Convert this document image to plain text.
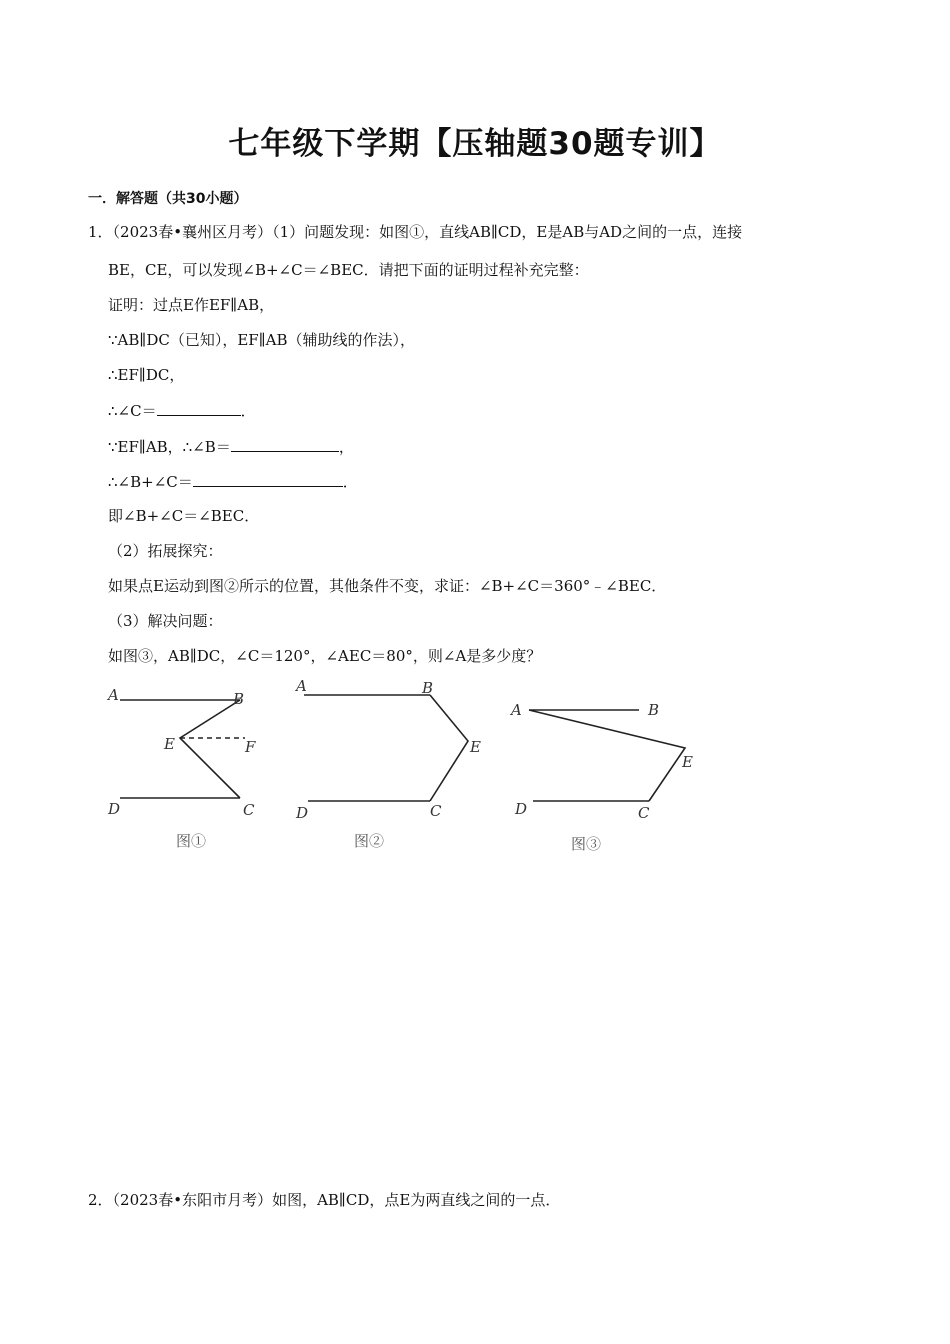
七年级下学期【压轴题30题专训】
一．解答题（共30小题）
1．（2023春•襄州区月考）（1）问题发现：如图①，直线AB∥CD，E是AB与AD之间的一点，连接
BE，CE，可以发现∠B+∠C＝∠BEC．请把下面的证明过程补充完整：
证明：过点E作EF∥AB，
∵AB∥DC（已知），EF∥AB（辅助线的作法），
∴EF∥DC，
∴∠C＝	．
∵EF∥AB，∴∠B＝	，
∴∠B+∠C＝	．
即∠B+∠C＝∠BEC．
（2）拓展探究：
如果点E运动到图②所示的位置，其他条件不变，求证：∠B+∠C＝360°﹣∠BEC．
（3）解决问题：
如图③，AB∥DC，∠C＝120°，∠AEC＝80°，则∠A是多少度？
A	B
E	F
D	C
图①
A	B
E
D	C
图②
A	B
E
D	C
图③
2．（2023春•东阳市月考）如图，AB∥CD，点E为两直线之间的一点．
